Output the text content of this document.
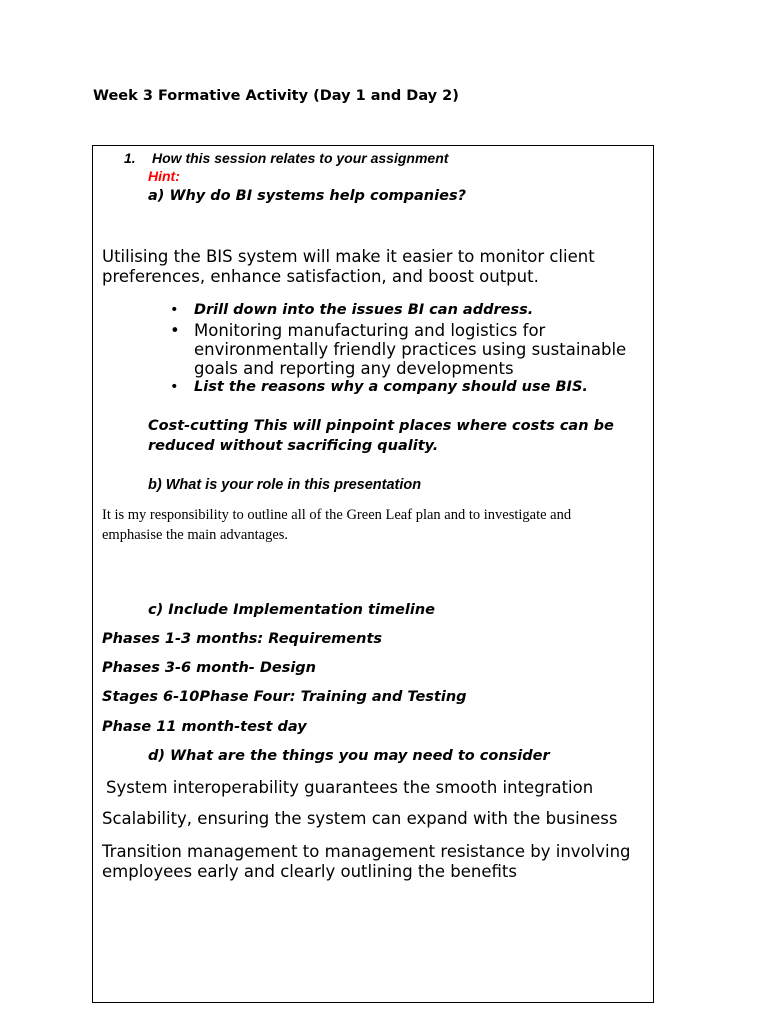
Week 3 Formative Activity (Day 1 and Day 2)
1. How this session relates to your assignment
Hint:
a) Why do BI systems help companies?
Utilising the BIS system will make it easier to monitor client preferences, enhance satisfaction, and boost output.
• Drill down into the issues BI can address.
• Monitoring manufacturing and logistics for environmentally friendly practices using sustainable goals and reporting any developments
• List the reasons why a company should use BIS.
Cost-cutting This will pinpoint places where costs can be reduced without sacrificing quality.
b) What is your role in this presentation
It is my responsibility to outline all of the Green Leaf plan and to investigate and emphasise the main advantages.
c) Include Implementation timeline
Phases 1-3 months: Requirements
Phases 3-6 month- Design
Stages 6-10Phase Four: Training and Testing
Phase 11 month-test day
d) What are the things you may need to consider
System interoperability guarantees the smooth integration
Scalability, ensuring the system can expand with the business
Transition management to management resistance by involving employees early and clearly outlining the benefits
